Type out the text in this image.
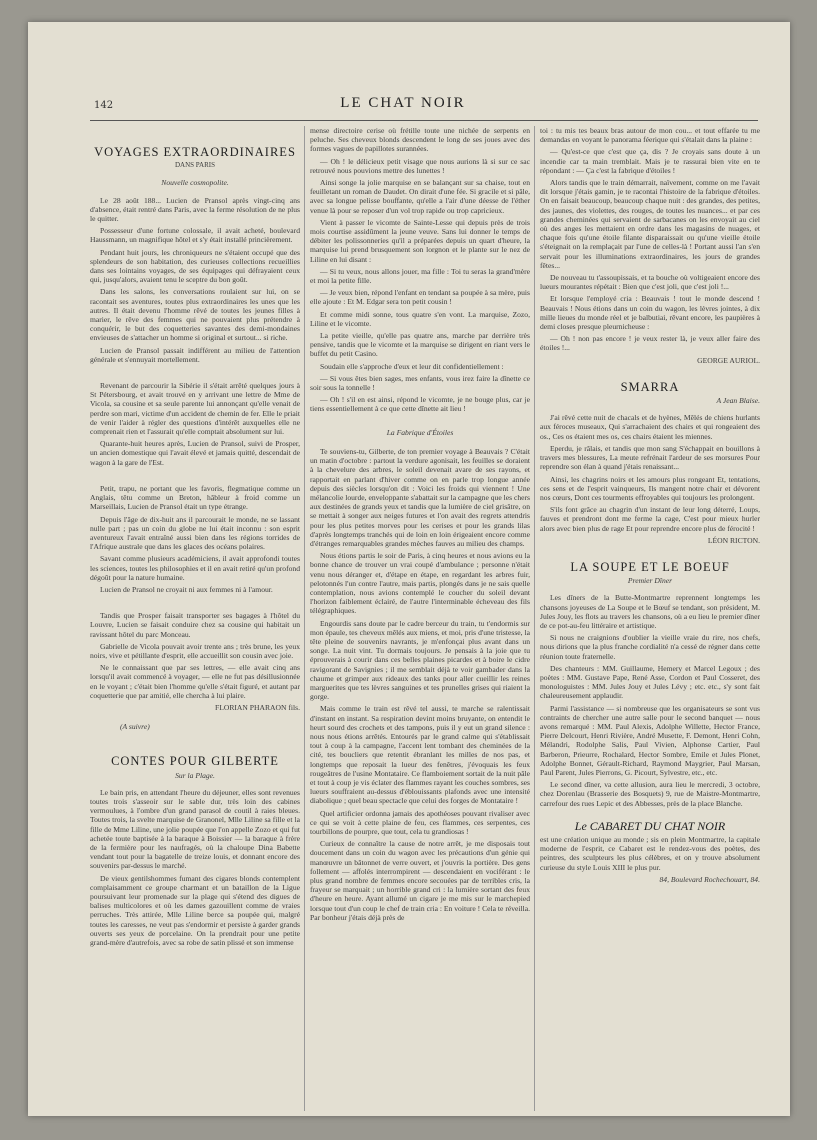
142	LE CHAT NOIR
VOYAGES EXTRAORDINAIRES
DANS PARIS
Nouvelle cosmopolite.

Le 28 août 188... Lucien de Pransol après vingt-cinq ans d'absence, était rentré dans Paris, avec la ferme résolution de ne plus le quitter.

Possesseur d'une fortune colossale, il avait acheté, boulevard Haussmann, un magnifique hôtel et s'y était installé princièrement.

Pendant huit jours, les chroniqueurs ne s'étaient occupé que des splendeurs de son habitation, des curieuses collections recueillies dans ses lointains voyages, de ses équipages qui défrayaient ceux qui, jusqu'alors, avaient tenu le sceptre du bon goût.

Dans les salons, les conversations roulaient sur lui, on se racontait ses aventures, toutes plus extraordinaires les unes que les autres. Il était devenu l'homme rêvé de toutes les jeunes filles à marier, le rêve des femmes qui ne pouvaient plus prétendre à conquérir, le but des coquetteries savantes des demi-mondaines envieuses de s'attacher un homme si original et surtout... si riche.

Lucien de Pransol passait indifférent au milieu de l'attention générale et s'ennuyait mortellement.

Revenant de parcourir la Sibérie il s'était arrêté quelques jours à St Pétersbourg, et avait trouvé en y arrivant une lettre de Mme de Vicola, sa cousine et sa seule parente lui annonçant qu'elle venait de perdre son mari, victime d'un accident de chemin de fer. Elle le priait de venir l'aider à régler des questions d'intérêt auxquelles elle ne comprenait rien et l'assurait qu'elle comptait absolument sur lui.

Quarante-huit heures après, Lucien de Pransol, suivi de Prosper, un ancien domestique qui l'avait élevé et jamais quitté, descendait de wagon à la gare de l'Est.

Petit, trapu, ne portant que les favoris, flegmatique comme un Anglais, têtu comme un Breton, hâbleur à froid comme un Marseillais, Lucien de Pransol était un type étrange.

Depuis l'âge de dix-huit ans il parcourait le monde, ne se lassant nulle part ; pas un coin du globe ne lui était inconnu : son esprit aventureux l'avait entraîné aussi bien dans les régions torrides de l'Afrique australe que dans les glaces des océans polaires.

Savant comme plusieurs académiciens, il avait approfondi toutes les sciences, toutes les philosophies et il en avait retiré qu'un profond dégoût pour la nature humaine.

Lucien de Pransol ne croyait ni aux femmes ni à l'amour.

Tandis que Prosper faisait transporter ses bagages à l'hôtel du Louvre, Lucien se faisait conduire chez sa cousine qui habitait un ravissant hôtel du parc Monceau.

Gabrielle de Vicola pouvait avoir trente ans ; très brune, les yeux noirs, vive et pétillante d'esprit, elle accueillit son cousin avec joie.

Ne le connaissant que par ses lettres, — elle avait cinq ans lorsqu'il avait commencé à voyager, — elle ne fut pas désillusionnée en le voyant ; c'était bien l'homme qu'elle s'était figuré, et autant par coquetterie que par amitié, elle chercha à lui plaire.

FLORIAN PHARAON fils.
(A suivre)
CONTES POUR GILBERTE
Sur la Plage.

Le bain pris, en attendant l'heure du déjeuner, elles sont revenues toutes trois s'asseoir sur le sable dur, très loin des cabines vermoulues, à l'ombre d'un grand parasol de coutil à raies bleues. Toutes trois, la svelte marquise de Granonel, Mlle Liline sa fille et la fille de Mme Liline, une jolie poupée que l'on appelle Zozo et qui fut achetée toute baptisée à la baraque à Boissier — la baraque à frère de la fermière pour les naufragés, où la chaloupe Dina Babette vendant tout pour la bagatelle de treize louis, et donnant encore des souvenirs par-dessus le marché.

De vieux gentilshommes fumant des cigares blonds contemplent complaisamment ce groupe charmant et un bataillon de la Ligue poursuivant leur promenade sur la plage qui s'étend des digues de balises multicolores et où les dames gazouillent comme de vraies perruches. Très attirée, Mlle Liline berce sa poupée qui, malgré toutes les caresses, ne veut pas s'endormir et persiste à garder grands ouverts ses yeux de porcelaine. On la prendrait pour une petite grand-mère d'autrefois, avec sa robe de satin plissé et son immense

mense directoire cerise où frétille toute une nichée de serpents en peluche. Ses cheveux blonds descendent le long de ses joues avec des formes vagues de papillotes surannées.

— Oh ! le délicieux petit visage que nous aurions là si sur ce sac retrouvé nous pouvions mettre des lunettes !

Ainsi songe la jolie marquise en se balançant sur sa chaise, tout en feuilletant un roman de Daudet. On dirait d'une fée. Si gracile et si pâle, avec sa longue pelisse bouffante, qu'elle a l'air d'une déesse de l'éther venue là pour se reposer d'un vol trop rapide ou trop capricieux.

Vient à passer le vicomte de Sainte-Lesse qui depuis près de trois mois courtise assidûment la jeune veuve. Sans lui donner le temps de débiter les polissonneries qu'il a préparées depuis un quart d'heure, la marquise lui prend brusquement son lorgnon et le plante sur le nez de Liline en lui disant :

— Si tu veux, nous allons jouer, ma fille : Toi tu seras la grand'mère et moi la petite fille.

— Je veux bien, répond l'enfant en tendant sa poupée à sa mère, puis elle ajoute : Et M. Edgar sera ton petit cousin !

Et comme midi sonne, tous quatre s'en vont. La marquise, Zozo, Liline et le vicomte.

La petite vieille, qu'elle pas quatre ans, marche par derrière très pensive, tandis que le vicomte et la marquise se dirigent en riant vers le buffet du petit Casino.

Soudain elle s'approche d'eux et leur dit confidentiellement :

— Si vous êtes bien sages, mes enfants, vous irez faire la dînette ce soir sous la tonnelle !

— Oh ! s'il en est ainsi, répond le vicomte, je ne bouge plus, car je tiens essentiellement à ce que cette dînette ait lieu !

La Fabrique d'Étoiles

Te souviens-tu, Gilberte, de ton premier voyage à Beauvais ? C'était un matin d'octobre : partout la verdure agonisait, les feuilles se doraient à la chevelure des arbres, le soleil devenait avare de ses rayons, et rapportait en parlant d'hiver comme on en parle trop longue année depuis des siècles lorsqu'on dit : Voici les froids qui viennent ! Une mélancolie lourde, enveloppante s'abattait sur la campagne que les chers aux destinées de grands yeux et tandis que la lumière de ciel grisâtre, on se mettait à songer aux neiges futures et l'on avait des regrets attendris pour les plus petites morves pour les cerises et pour les grands lilas d'après longtemps tranchés qui de loin en loin érigeaient encore comme d'étranges remarquables grandes mèches fauves au milieu des champs.

Nous étions partis le soir de Paris, à cinq heures et nous avions eu la bonne chance de trouver un vrai coupé d'ambulance ; personne n'était venu nous déranger et, d'étape en étape, en regardant les arbres fuir, pelotonnés l'un contre l'autre, mais partis, plongés dans je ne sais quelle contemplation, nous avions contemplé le coucher du soleil devant l'horizon faiblement éclairé, de l'autre l'interminable écheveau des fils télégraphiques.

Engourdis sans doute par le cadre berceur du train, tu t'endormis sur mon épaule, tes cheveux mêlés aux miens, et moi, pris d'une tristesse, la tête pleine de souvenirs navrants, je m'enfonçai plus avant dans un songe. La nuit vint. Tu dormais toujours. Je pensais à la joie que tu éprouverais à courir dans ces belles plaines picardes et à boire le cidre ravigorant de Savignies ; il me semblait déjà te voir gambader dans la chaume et grimper aux rideaux des tanks pour aller cueillir les reines marguerites que tes lèvres sanguines et tes prunelles grises qui riaient la gorge.

Mais comme le train est rêvé tel aussi, te marche se ralentissait d'instant en instant. Sa respiration devint moins bruyante, on entendit le heurt sourd des crochets et des tampons, puis il y eut un grand silence : nous nous étions arrêtés. Entourés par le grand calme qui s'établissait tout à coup à la campagne, l'accent lent tombant des cheminées de la cité, tes boucliers que retentit ébranlant les milles de nos pas, et longtemps que reposait la lueur des fenêtres, j'évoquais les feux rougeâtres de l'usine Montataire. Ce flamboiement sortait de la nuit pâle et tout à coup je vis éclater des flammes rayant les couches sombres, ses lueurs souffraient au-dessus d'éblouissants plafonds avec une intensité diabolique ; quel beau spectacle que celui des forges de Montataire !

Quel artificier ordonna jamais des apothéoses pouvant rivaliser avec ce qui se voit à cette plaine de feu, ces flammes, ces serpentes, ces tourbillons de pourpre, que tout, cela tu grandiosas !

Curieux de connaître la cause de notre arrêt, je me disposais tout doucement dans un coin du wagon avec les précautions d'un génie qui manœuvre un bâtonnet de verre ouvert, et j'ouvris la portière. Des gens follement — affolés interrompirent — descendaient en vociférant : le plus grand nombre de femmes encore secouées par de terribles cris, la frayeur se marquait ; un horrible grand cri : la lumière sortant des feux d'heure en heure. Ayant allumé un cigare je me mis sur le marchepied lorsque tout d'un coup le chef de train cria : En voiture ! Cela te réveilla. Par bonheur j'étais déjà près de

toi : tu mis tes beaux bras autour de mon cou... et tout effarée tu me demandas en voyant le panorama féerique qui s'étalait dans la plaine :

— Qu'est-ce que c'est que ça, dis ? Je croyais sans doute à un incendie car ta main tremblait. Mais je te rassurai bien vite en te répondant : — Ça c'est la fabrique d'étoiles !

Alors tandis que le train démarrait, naïvement, comme on me l'avait dit lorsque j'étais gamin, je te racontai l'histoire de la fabrique d'étoiles. On en faisait beaucoup, beaucoup chaque nuit : des grandes, des petites, des jaunes, des violettes, des rouges, de toutes les nuances... et par ces grandes cheminées qui servaient de sarbacanes on les envoyait au ciel où des anges les mettaient en ordre dans les magasins de nuages, et chaque fois qu'une étoile filante disparaissait ou qu'une vieille étoile s'éteignait on la remplaçait par l'une de celles-là ! Portant aussi l'an s'en servait pour les illuminations extraordinaires, les jours de grandes fêtes...

De nouveau tu t'assoupissais, et ta bouche où voltigeaient encore des lueurs mourantes répétait : Bien que c'est joli, que c'est joli !...

Et lorsque l'employé cria : Beauvais ! tout le monde descend ! Beauvais ! Nous étions dans un coin du wagon, les lèvres jointes, à dix mille lieues du monde réel et je balbutiai, rêvant encore, les paupières à demi closes presque pleurnicheuse :

— Oh ! non pas encore ! je veux rester là, je veux aller faire des étoiles !...

GEORGE AURIOL.
SMARRA
A Jean Blaise.

J'ai rêvé cette nuit de chacals et de hyènes, Mêlés de chiens hurlants aux féroces museaux, Qui s'arrachaient des chairs et qui rongeaient des os., Ces os étaient mes os, ces chairs étaient les miennes.

Eperdu, je râlais, et tandis que mon sang S'échappait en bouillons à travers mes blessures, La meute refrénait l'ardeur de ses morsures Pour reprendre son élan à quand j'étais renaissant...

Ainsi, les chagrins noirs et les amours plus rongeant Et, tentations, ces sens et de l'esprit vainqueurs, Ils mangent notre chair et dévorent nos cœurs, Dont ces tourments effroyables qui toujours les prolongent.

S'ils font grâce au chagrin d'un instant de leur long déterré, Loups, fauves et prendront dont me ferme la cage, C'est pour mieux hurler alors avec bien plus de rage Et pour reprendre encore plus de férocité !

LÉON RICTON.
LA SOUPE ET LE BOEUF
Premier Dîner

Les dîners de la Butte-Montmartre reprennent longtemps les chansons joyeuses de La Soupe et le Bœuf se tendant, son président, M. Jules Jouy, les flots au travers les chansons, où a eu lieu le premier dîner de ce pot-au-feu littéraire et artistique.

Si nous ne craignions d'oublier la vieille vraie du rire, nos chefs, nous dirions que la plus franche cordialité n'a cessé de régner dans cette réunion toute fraternelle.

Des chanteurs : MM. Guillaume, Hemery et Marcel Legoux ; des poètes : MM. Gustave Pape, René Asse, Cordon et Paul Cosseret, des monologuistes : MM. Jules Jouy et Jules Lévy ; etc. etc., s'y sont fait chaleureusement applaudir.

Parmi l'assistance — si nombreuse que les organisateurs se sont vus contraints de chercher une autre salle pour le second banquet — nous avons remarqué : MM. Paul Alexis, Adolphe Willette, Hector France, Pierre Delcourt, Henri Rivière, André Musette, F. Demont, Henri Cohn, Mélandri, Rodolphe Salis, Paul Vivien, Alphonse Cartier, Paul Barberon, Prieurre, Rochalard, Hector Sombre, Emile et Jules Plonet, Adolphe Bonnet, Gérault-Richard, Raymond Maygrier, Paul Marsan, Paul Parent, Jules Pierrons, G. Picourt, Sylvestre, etc., etc.

Le second dîner, va cette allusion, aura lieu le mercredi, 3 octobre, chez Dorenlau (Brasserie des Bosquets) 9, rue de Maistre-Montmartre, carrefour des rues Lepic et des Abbesses, près de la place Blanche.

Le CABARET DU CHAT NOIR

est une création unique au monde ; sis en plein Montmartre, la capitale moderne de l'esprit, ce Cabaret est le rendez-vous des poètes, des peintres, des sculpteurs les plus célèbres, et on y trouve absolument curieuse du style Louis XIII le plus pur.

84, Boulevard Rochechouart, 84.
